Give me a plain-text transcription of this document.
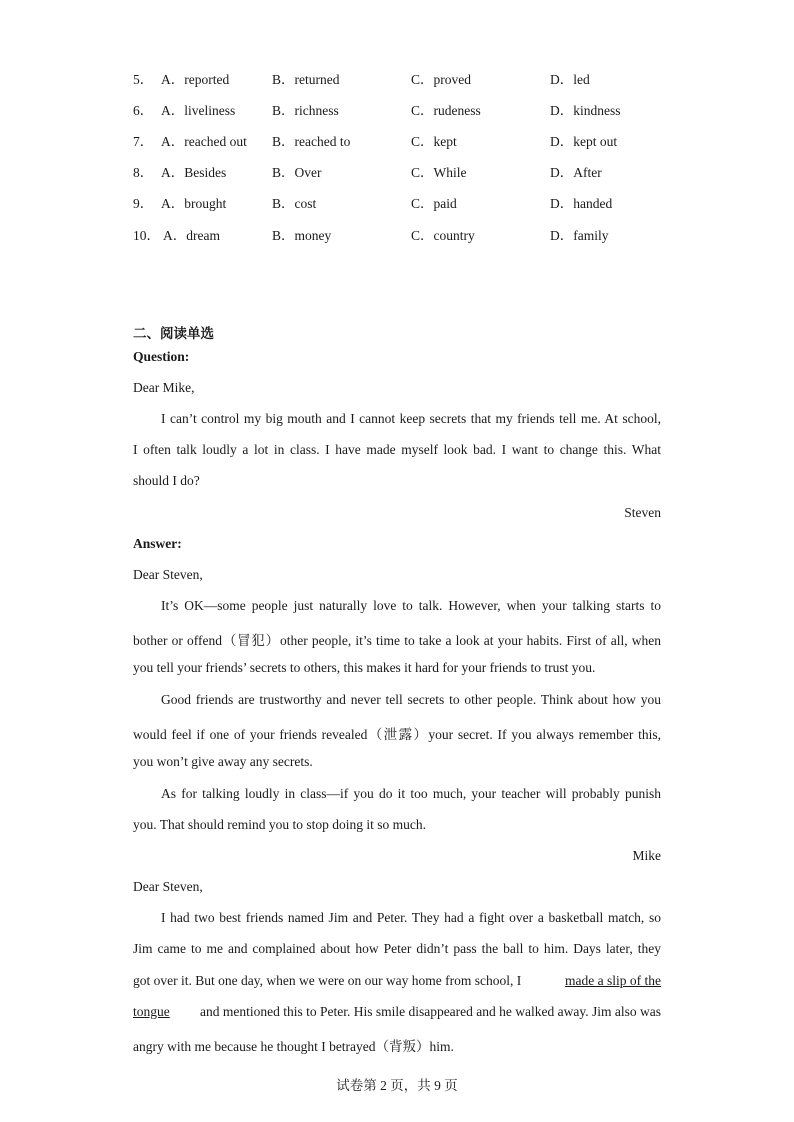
5． A．reported	B．returned	C．proved	D．led
6． A．liveliness	B．richness	C．rudeness	D．kindness
7． A．reached out B．reached to	C．kept	D．kept out
8． A．Besides	B．Over	C．While	D．After
9． A．brought	B．cost	C．paid	D．handed
10． A．dream	B．money	C．country	D．family
二、阅读单选
Question:
Dear Mike,
I can’t control my big mouth and I cannot keep secrets that my friends tell me. At school,
I often talk loudly a lot in class. I have made myself look bad. I want to change this. What
should I do?
Steven
Answer:
Dear Steven,
It’s OK—some people just naturally love to talk. However, when your talking starts to
bother or offend（冒犯）other people, it’s time to take a look at your habits. First of all, when
you tell your friends’ secrets to others, this makes it hard for your friends to trust you.
Good friends are trustworthy and never tell secrets to other people. Think about how you
would feel if one of your friends revealed（泄露）your secret. If you always remember this,
you won’t give away any secrets.
As for talking loudly in class—if you do it too much, your teacher will probably punish
you. That should remind you to stop doing it so much.
Mike
Dear Steven,
I had two best friends named Jim and Peter. They had a fight over a basketball match, so
Jim came to me and complained about how Peter didn’t pass the ball to him. Days later, they
got over it. But one day, when we were on our way home from school, I	made a slip of the
tongue and mentioned this to Peter. His smile disappeared and he walked away. Jim also was
angry with me because he thought I betrayed（背叛）him.
试卷第 2 页，共 9 页
